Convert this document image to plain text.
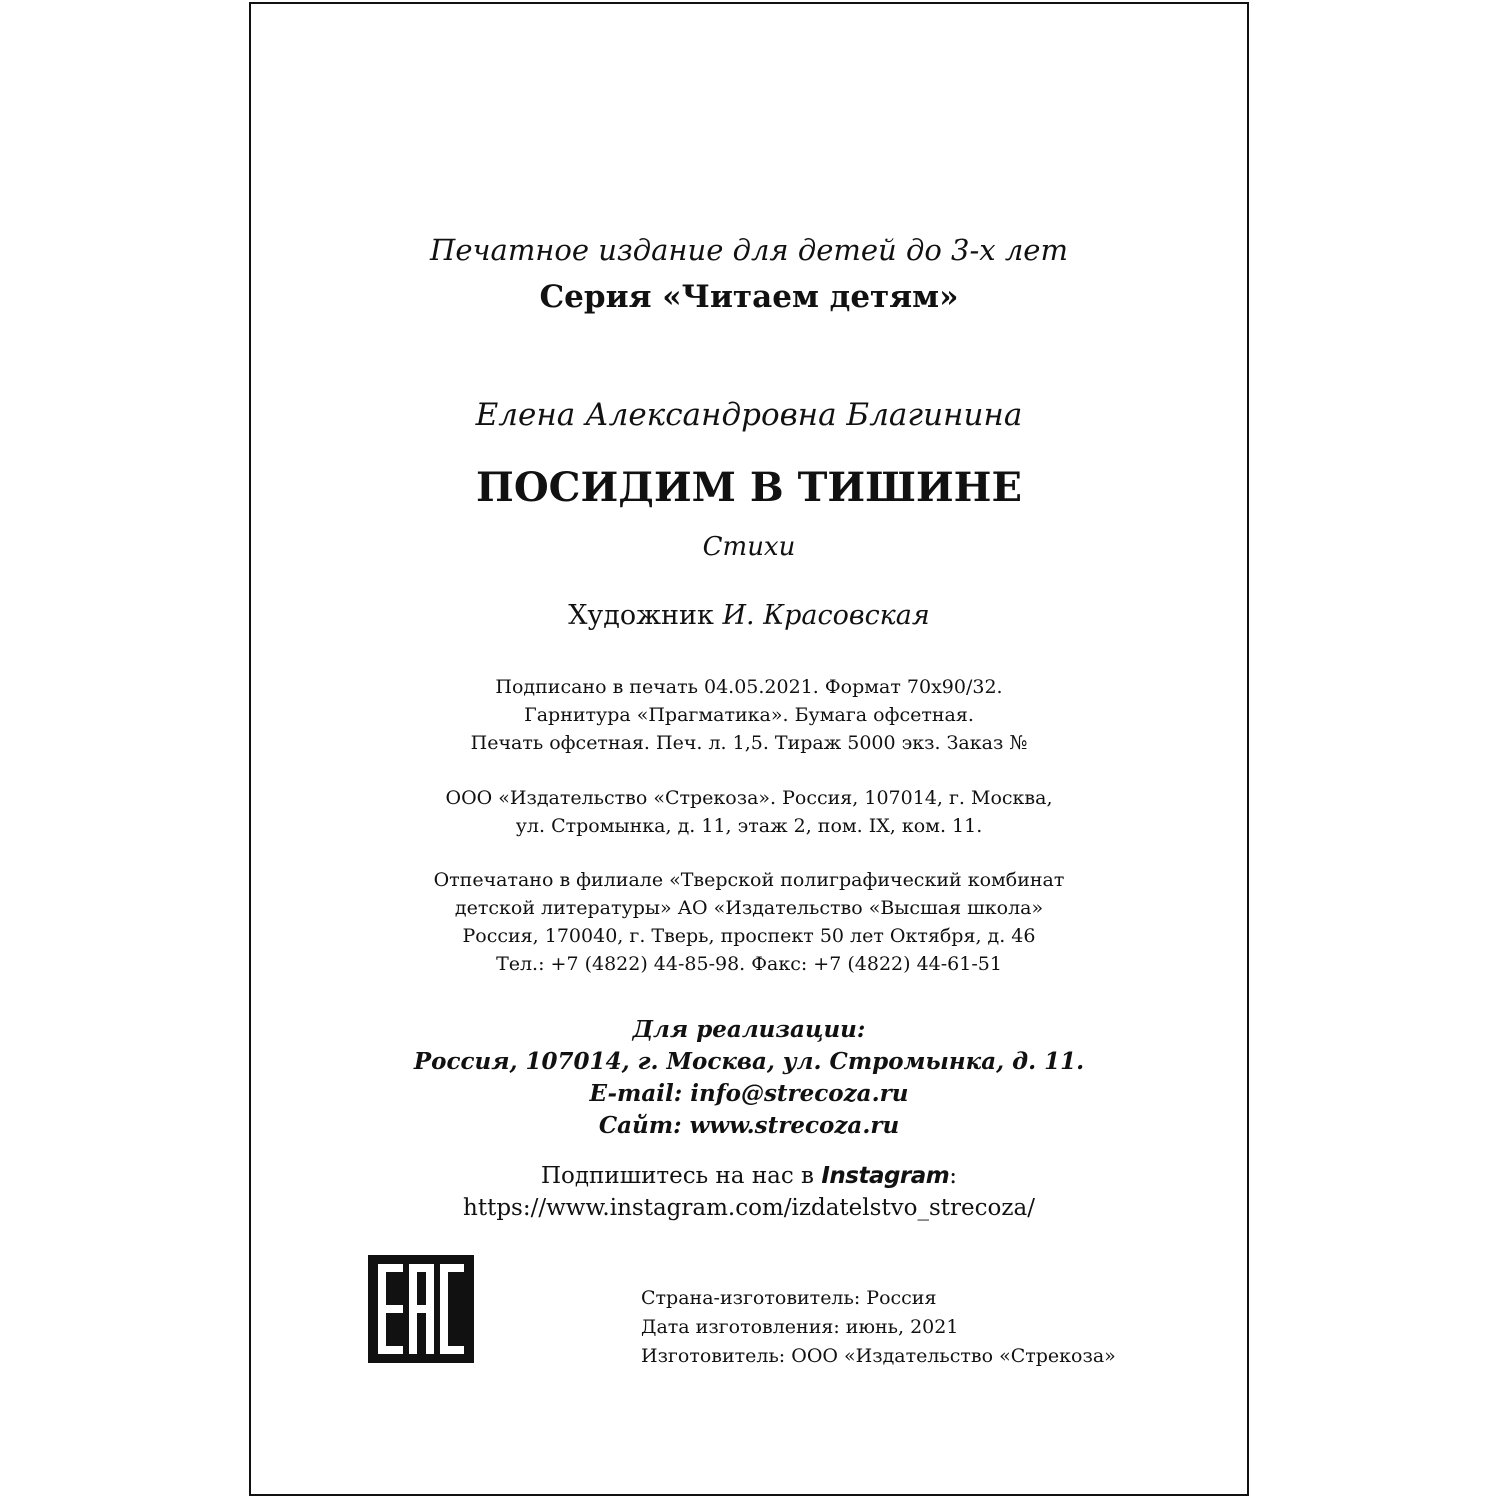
Печатное издание для детей до 3-х лет
Серия «Читаем детям»
Елена Александровна Благинина
ПОСИДИМ В ТИШИНЕ
Стихи
Художник И. Красовская
Подписано в печать 04.05.2021. Формат 70х90/32.
Гарнитура «Прагматика». Бумага офсетная.
Печать офсетная. Печ. л. 1,5. Тираж 5000 экз. Заказ №
ООО «Издательство «Стрекоза». Россия, 107014, г. Москва,
ул. Стромынка, д. 11, этаж 2, пом. IX, ком. 11.
Отпечатано в филиале «Тверской полиграфический комбинат
детской литературы» АО «Издательство «Высшая школа»
Россия, 170040, г. Тверь, проспект 50 лет Октября, д. 46
Тел.: +7 (4822) 44-85-98. Факс: +7 (4822) 44-61-51
Для реализации:
Россия, 107014, г. Москва, ул. Стромынка, д. 11.
E-mail: info@strecoza.ru
Сайт: www.strecoza.ru
Подпишитесь на нас в Instagram:
https://www.instagram.com/izdatelstvo_strecoza/
Страна-изготовитель: Россия
Дата изготовления: июнь, 2021
Изготовитель: ООО «Издательство «Стрекоза»
